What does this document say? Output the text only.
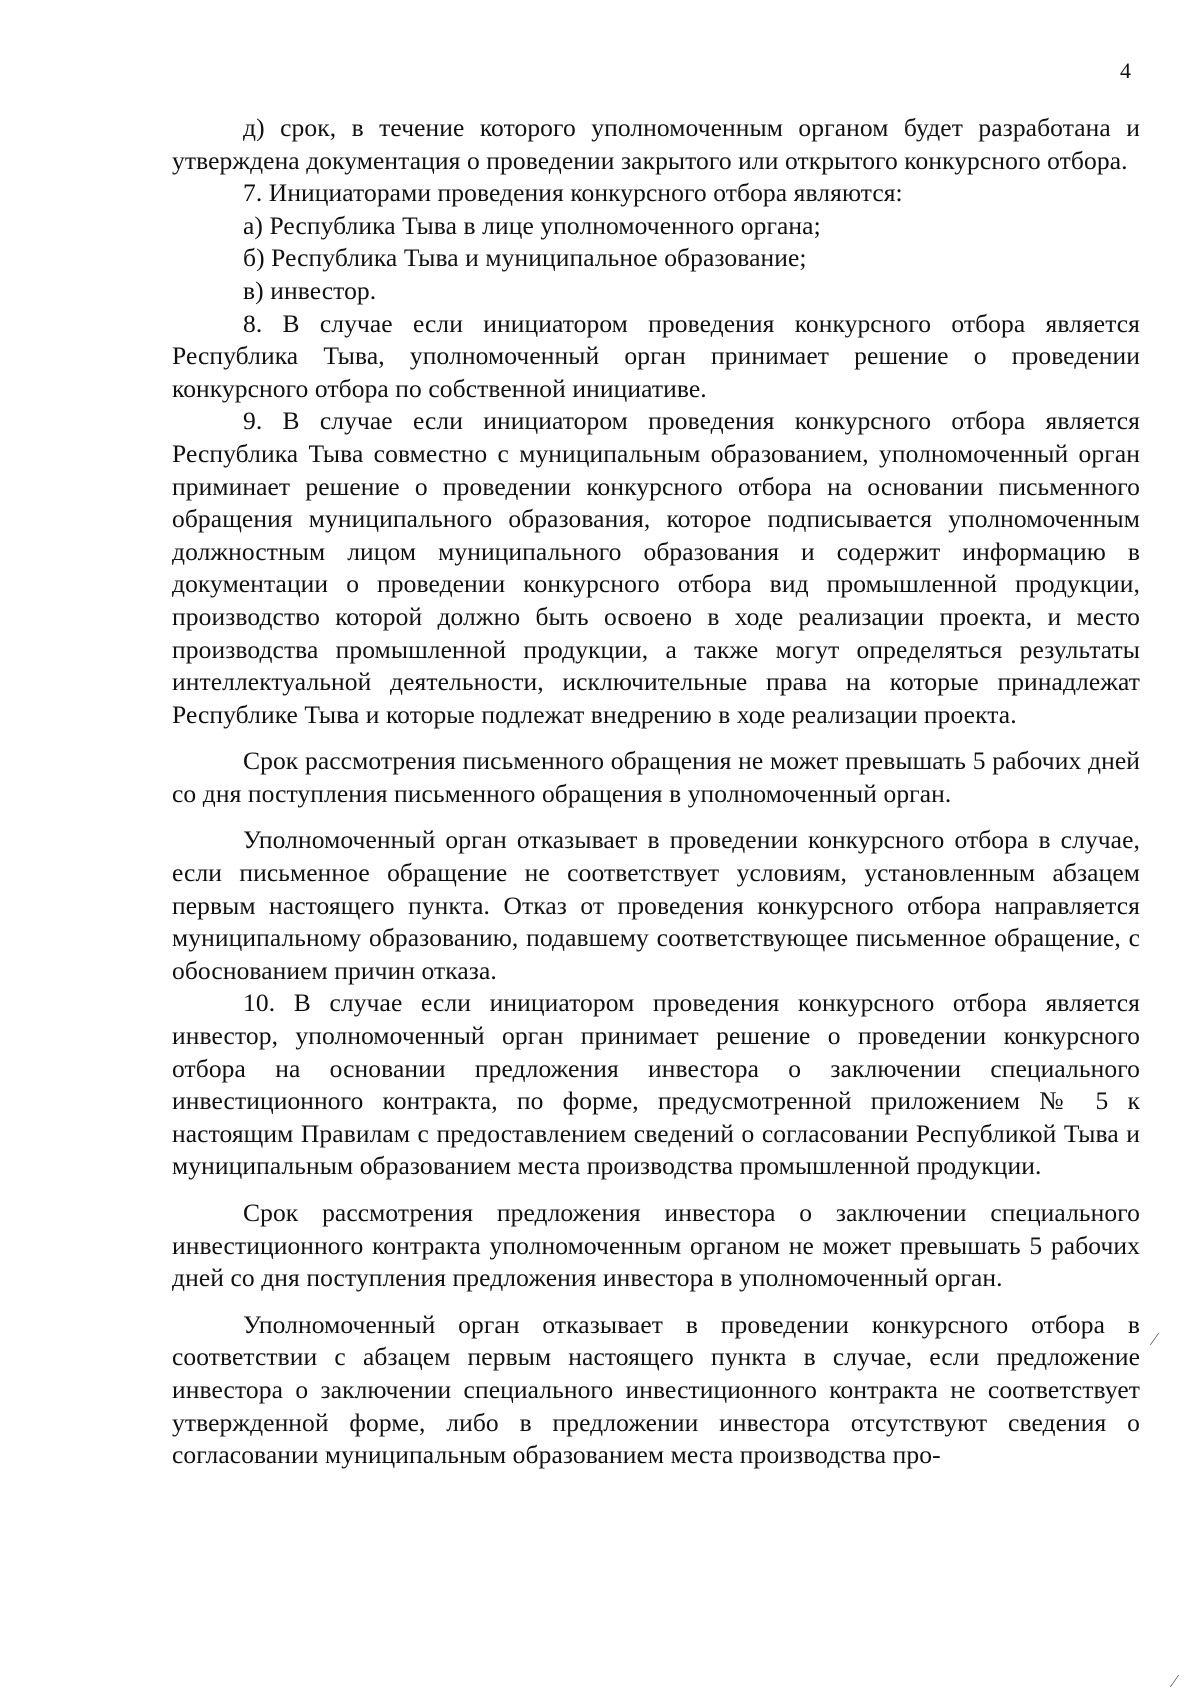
4

д) срок, в течение которого уполномоченным органом будет разработана и утверждена документация о проведении закрытого или открытого конкурсного отбора.

7. Инициаторами проведения конкурсного отбора являются:

а) Республика Тыва в лице уполномоченного органа;

б) Республика Тыва и муниципальное образование;

в) инвестор.

8. В случае если инициатором проведения конкурсного отбора является Республика Тыва, уполномоченный орган принимает решение о проведении конкурсного отбора по собственной инициативе.

9. В случае если инициатором проведения конкурсного отбора является Республика Тыва совместно с муниципальным образованием, уполномоченный орган приминает решение о проведении конкурсного отбора на основании письменного обращения муниципального образования, которое подписывается уполномоченным должностным лицом муниципального образования и содержит информацию в документации о проведении конкурсного отбора вид промышленной продукции, производство которой должно быть освоено в ходе реализации проекта, и место производства промышленной продукции, а также могут определяться результаты интеллектуальной деятельности, исключительные права на которые принадлежат Республике Тыва и которые подлежат внедрению в ходе реализации проекта.

Срок рассмотрения письменного обращения не может превышать 5 рабочих дней со дня поступления письменного обращения в уполномоченный орган.

Уполномоченный орган отказывает в проведении конкурсного отбора в случае, если письменное обращение не соответствует условиям, установленным абзацем первым настоящего пункта. Отказ от проведения конкурсного отбора направляется муниципальному образованию, подавшему соответствующее письменное обращение, с обоснованием причин отказа.

10. В случае если инициатором проведения конкурсного отбора является инвестор, уполномоченный орган принимает решение о проведении конкурсного отбора на основании предложения инвестора о заключении специального инвестиционного контракта, по форме, предусмотренной приложением № 5 к настоящим Правилам с предоставлением сведений о согласовании Республикой Тыва и муниципальным образованием места производства промышленной продукции.

Срок рассмотрения предложения инвестора о заключении специального инвестиционного контракта уполномоченным органом не может превышать 5 рабочих дней со дня поступления предложения инвестора в уполномоченный орган.

Уполномоченный орган отказывает в проведении конкурсного отбора в соответствии с абзацем первым настоящего пункта в случае, если предложение инвестора о заключении специального инвестиционного контракта не соответствует утвержденной форме, либо в предложении инвестора отсутствуют сведения о согласовании муниципальным образованием места производства про-

⁄
⁄
